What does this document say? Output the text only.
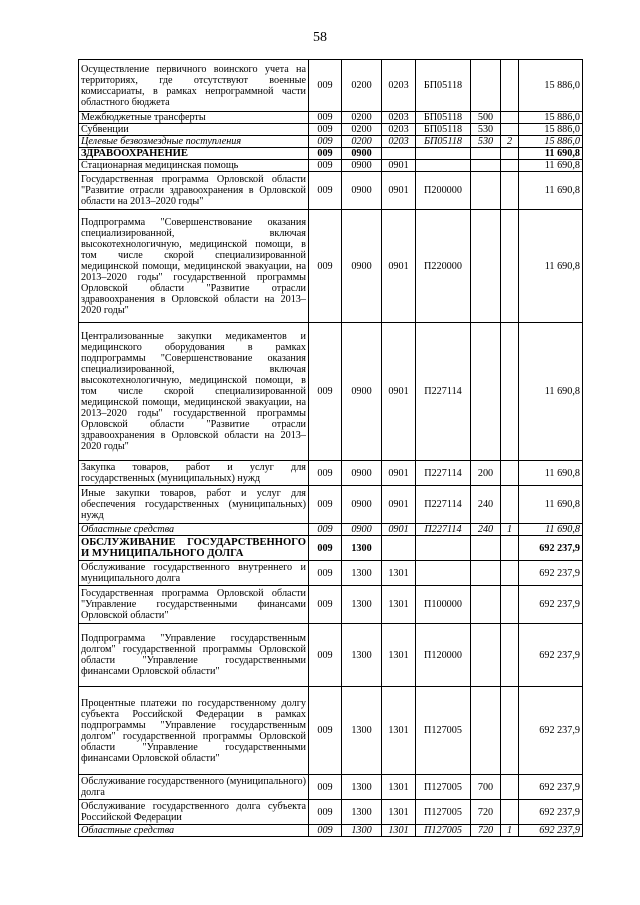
58
Осуществление первичного воинского учета на территориях, где отсутствуют военные комиссариаты, в рамках непрограммной части областного бюджета	009	0200	0203	БП05118			15 886,0
Межбюджетные трансферты	009	0200	0203	БП05118	500		15 886,0
Субвенции	009	0200	0203	БП05118	530		15 886,0
Целевые безвозмездные поступления	009	0200	0203	БП05118	530	2	15 886,0
ЗДРАВООХРАНЕНИЕ	009	0900					11 690,8
Стационарная медицинская помощь	009	0900	0901				11 690,8
Государственная программа Орловской области "Развитие отрасли здравоохранения в Орловской области на 2013–2020 годы"	009	0900	0901	П200000			11 690,8
Подпрограмма "Совершенствование оказания специализированной, включая высокотехнологичную, медицинской помощи, в том числе скорой специализированной медицинской помощи, медицинской эвакуации, на 2013–2020 годы" государственной программы Орловской области "Развитие отрасли здравоохранения в Орловской области на 2013–2020 годы"	009	0900	0901	П220000			11 690,8
Централизованные закупки медикаментов и медицинского оборудования в рамках подпрограммы "Совершенствование оказания специализированной, включая высокотехнологичную, медицинской помощи, в том числе скорой специализированной медицинской помощи, медицинской эвакуации, на 2013–2020 годы" государственной программы Орловской области "Развитие отрасли здравоохранения в Орловской области на 2013–2020 годы"	009	0900	0901	П227114			11 690,8
Закупка товаров, работ и услуг для государственных (муниципальных) нужд	009	0900	0901	П227114	200		11 690,8
Иные закупки товаров, работ и услуг для обеспечения государственных (муниципальных) нужд	009	0900	0901	П227114	240		11 690,8
Областные средства	009	0900	0901	П227114	240	1	11 690,8
ОБСЛУЖИВАНИЕ ГОСУДАРСТВЕННОГО И МУНИЦИПАЛЬНОГО ДОЛГА	009	1300					692 237,9
Обслуживание государственного внутреннего и муниципального долга	009	1300	1301				692 237,9
Государственная программа Орловской области "Управление государственными финансами Орловской области"	009	1300	1301	П100000			692 237,9
Подпрограмма "Управление государственным долгом" государственной программы Орловской области "Управление государственными финансами Орловской области"	009	1300	1301	П120000			692 237,9
Процентные платежи по государственному долгу субъекта Российской Федерации в рамках подпрограммы "Управление государственным долгом" государственной программы Орловской области "Управление государственными финансами Орловской области"	009	1300	1301	П127005			692 237,9
Обслуживание государственного (муниципального) долга	009	1300	1301	П127005	700		692 237,9
Обслуживание государственного долга субъекта Российской Федерации	009	1300	1301	П127005	720		692 237,9
Областные средства	009	1300	1301	П127005	720	1	692 237,9
